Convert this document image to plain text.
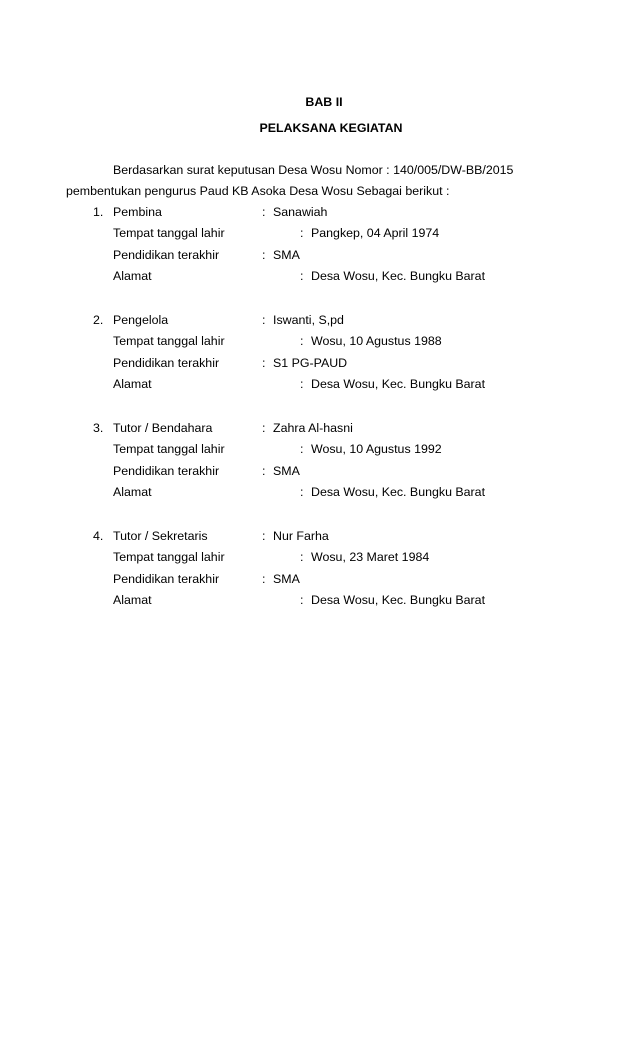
BAB II
PELAKSANA KEGIATAN
Berdasarkan surat keputusan Desa Wosu Nomor : 140/005/DW-BB/2015
pembentukan pengurus Paud KB Asoka Desa Wosu Sebagai berikut :
1. Pembina	: Sanawiah
Tempat tanggal lahir	: Pangkep, 04 April 1974
Pendidikan terakhir	: SMA
Alamat	: Desa Wosu, Kec. Bungku Barat
2. Pengelola	: Iswanti, S,pd
Tempat tanggal lahir	: Wosu, 10 Agustus 1988
Pendidikan terakhir	: S1 PG-PAUD
Alamat	: Desa Wosu, Kec. Bungku Barat
3. Tutor / Bendahara	: Zahra Al-hasni
Tempat tanggal lahir	: Wosu, 10 Agustus 1992
Pendidikan terakhir	: SMA
Alamat	: Desa Wosu, Kec. Bungku Barat
4. Tutor / Sekretaris	: Nur Farha
Tempat tanggal lahir	: Wosu, 23 Maret 1984
Pendidikan terakhir	: SMA
Alamat	: Desa Wosu, Kec. Bungku Barat
